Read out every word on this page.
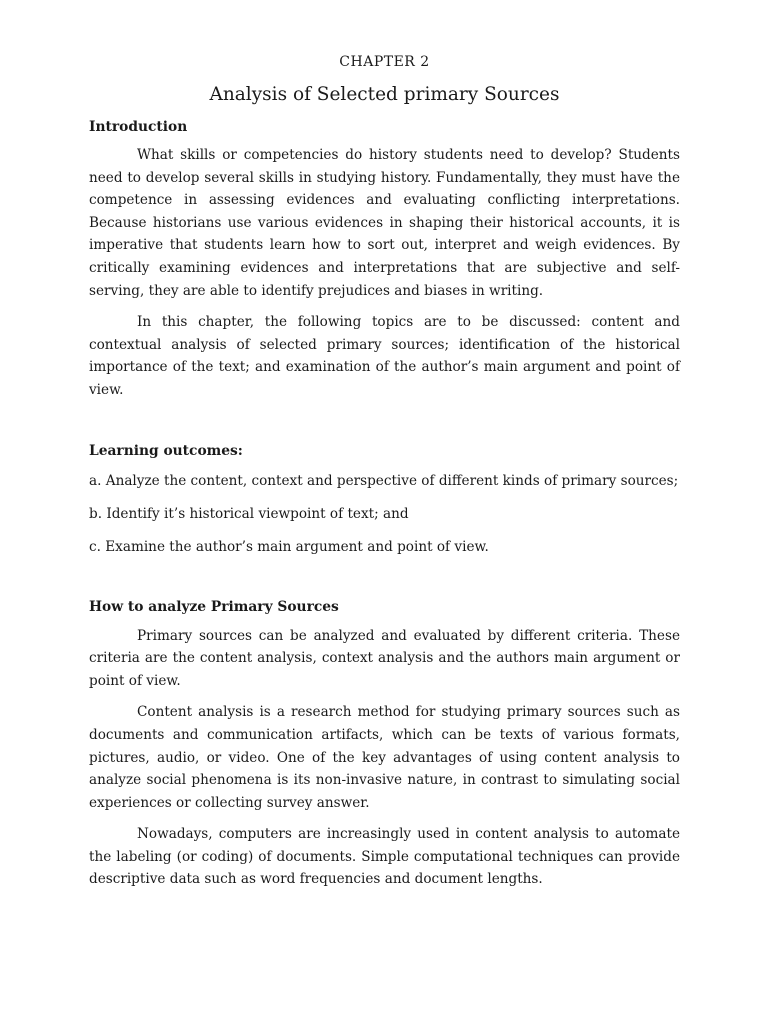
CHAPTER 2
Analysis of Selected primary Sources
Introduction

What skills or competencies do history students need to develop? Students need to develop several skills in studying history. Fundamentally, they must have the competence in assessing evidences and evaluating conflicting interpretations. Because historians use various evidences in shaping their historical accounts, it is imperative that students learn how to sort out, interpret and weigh evidences. By critically examining evidences and interpretations that are subjective and self-serving, they are able to identify prejudices and biases in writing.

In this chapter, the following topics are to be discussed: content and contextual analysis of selected primary sources; identification of the historical importance of the text; and examination of the author’s main argument and point of view.

Learning outcomes:
a. Analyze the content, context and perspective of different kinds of primary sources;
b. Identify it’s historical viewpoint of text; and
c. Examine the author’s main argument and point of view.
How to analyze Primary Sources

Primary sources can be analyzed and evaluated by different criteria. These criteria are the content analysis, context analysis and the authors main argument or point of view.

Content analysis is a research method for studying primary sources such as documents and communication artifacts, which can be texts of various formats, pictures, audio, or video. One of the key advantages of using content analysis to analyze social phenomena is its non-invasive nature, in contrast to simulating social experiences or collecting survey answer.

Nowadays, computers are increasingly used in content analysis to automate the labeling (or coding) of documents. Simple computational techniques can provide descriptive data such as word frequencies and document lengths.
